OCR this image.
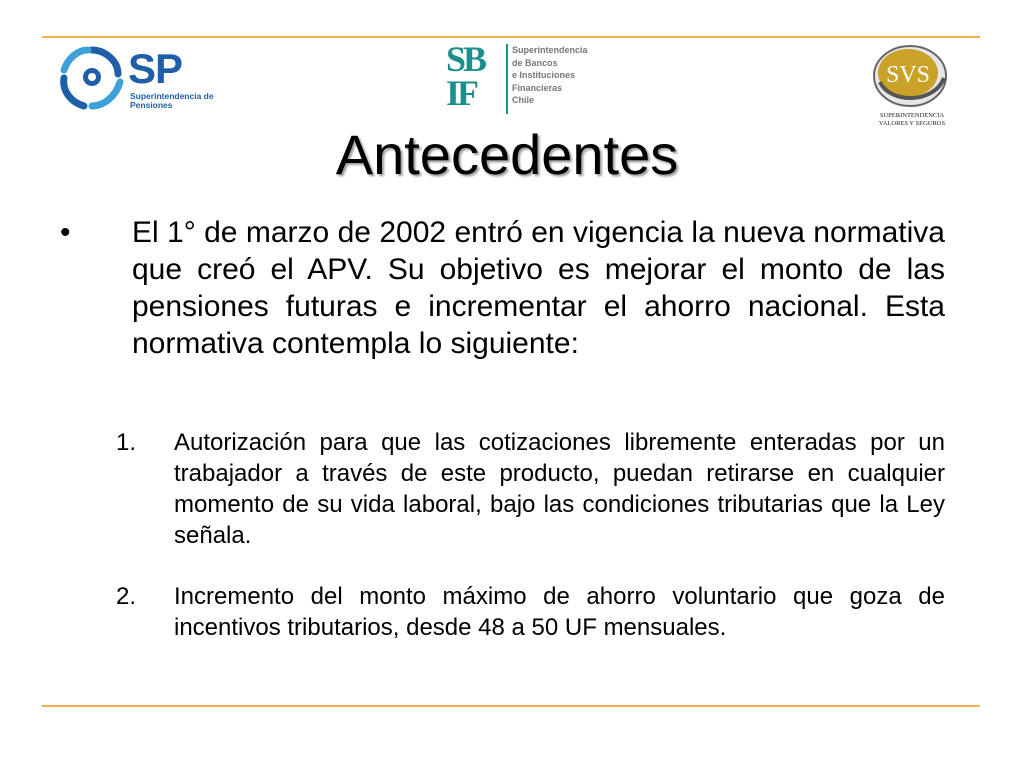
SP
Superintendencia de
Pensiones
SB
IF
Superintendencia
de Bancos
e Instituciones
Financieras
Chile
SVS
SUPERINTENDENCIA
VALORES Y SEGUROS
Antecedentes
• El 1° de marzo de 2002 entró en vigencia la nueva normativa que creó el APV. Su objetivo es mejorar el monto de las pensiones futuras e incrementar el ahorro nacional. Esta normativa contempla lo siguiente:

1. Autorización para que las cotizaciones libremente enteradas por un trabajador a través de este producto, puedan retirarse en cualquier momento de su vida laboral, bajo las condiciones tributarias que la Ley señala.

2. Incremento del monto máximo de ahorro voluntario que goza de incentivos tributarios, desde 48 a 50 UF mensuales.
